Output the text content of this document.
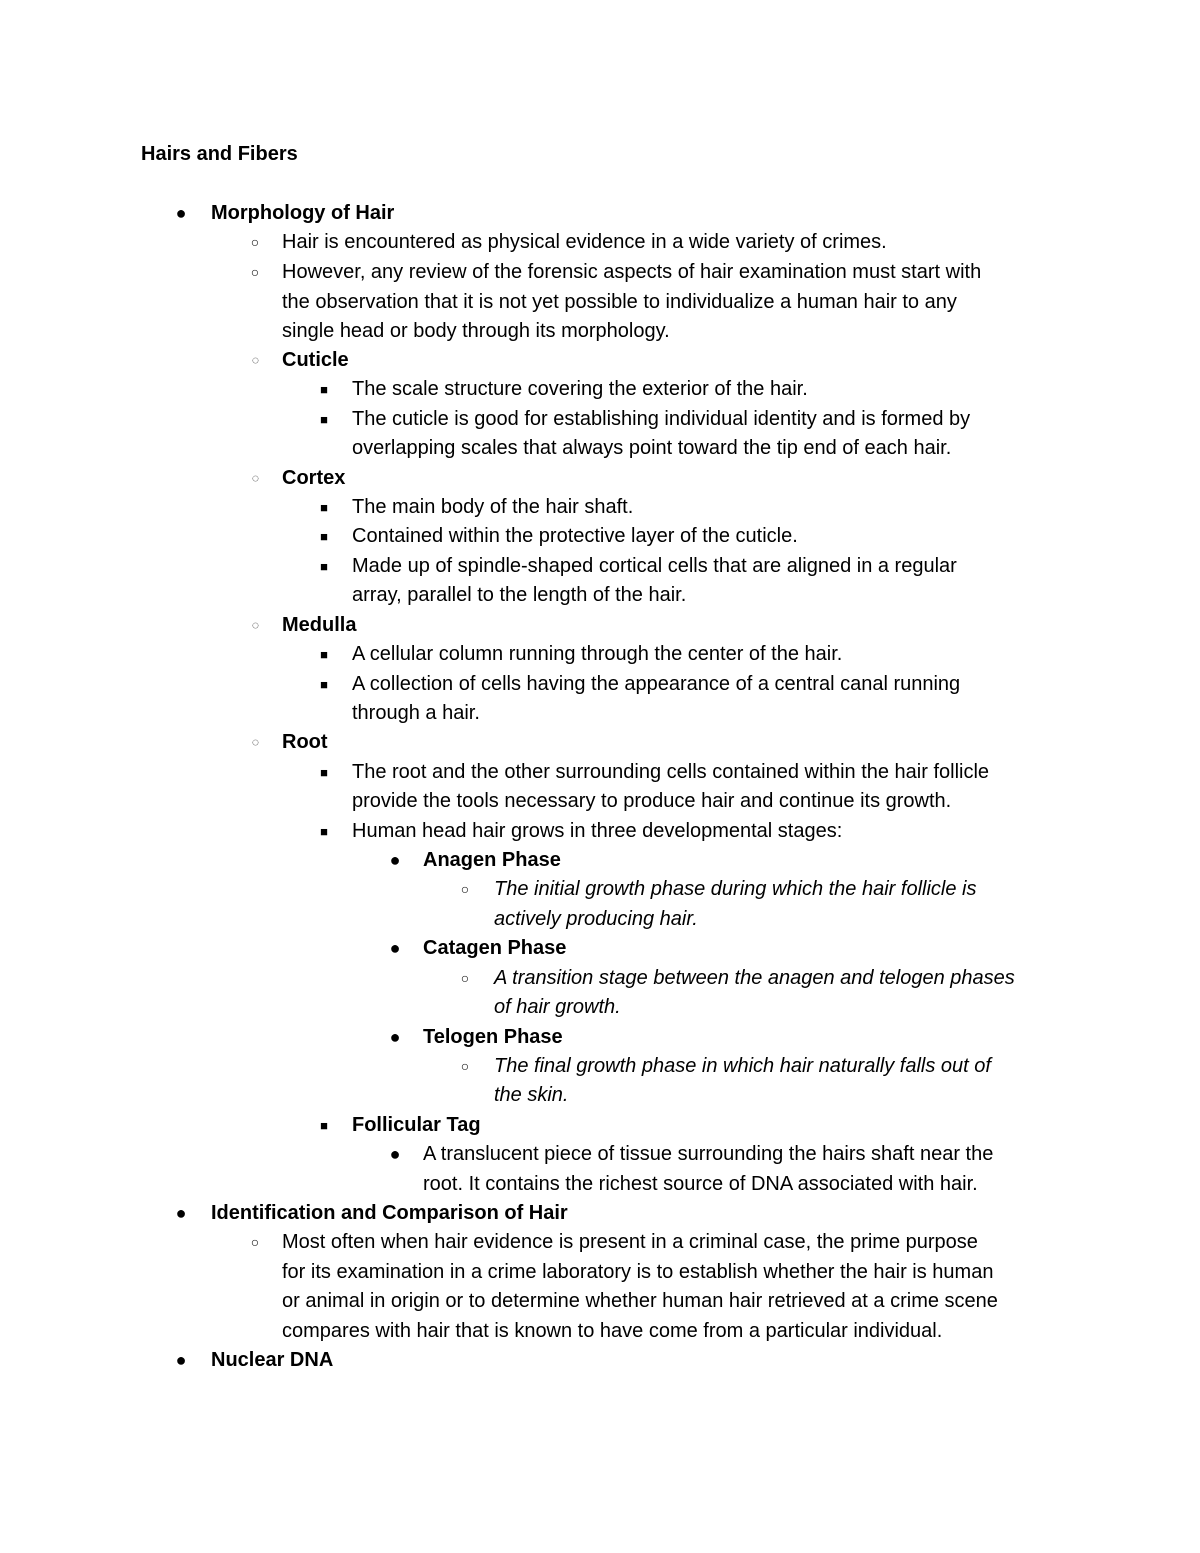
Hairs and Fibers
● Morphology of Hair
○ Hair is encountered as physical evidence in a wide variety of crimes.
○ However, any review of the forensic aspects of hair examination must start with
the observation that it is not yet possible to individualize a human hair to any
single head or body through its morphology.
◌ Cuticle
■ The scale structure covering the exterior of the hair.
■ The cuticle is good for establishing individual identity and is formed by
overlapping scales that always point toward the tip end of each hair.
◌ Cortex
■ The main body of the hair shaft.
■ Contained within the protective layer of the cuticle.
■ Made up of spindle-shaped cortical cells that are aligned in a regular
array, parallel to the length of the hair.
◌ Medulla
■ A cellular column running through the center of the hair.
■ A collection of cells having the appearance of a central canal running
through a hair.
◌ Root
■ The root and the other surrounding cells contained within the hair follicle
provide the tools necessary to produce hair and continue its growth.
■ Human head hair grows in three developmental stages:
● Anagen Phase
○ The initial growth phase during which the hair follicle is
actively producing hair.
● Catagen Phase
○ A transition stage between the anagen and telogen phases
of hair growth.
● Telogen Phase
○ The final growth phase in which hair naturally falls out of
the skin.
■ Follicular Tag
● A translucent piece of tissue surrounding the hairs shaft near the
root. It contains the richest source of DNA associated with hair.
● Identification and Comparison of Hair
○ Most often when hair evidence is present in a criminal case, the prime purpose
for its examination in a crime laboratory is to establish whether the hair is human
or animal in origin or to determine whether human hair retrieved at a crime scene
compares with hair that is known to have come from a particular individual.
● Nuclear DNA
